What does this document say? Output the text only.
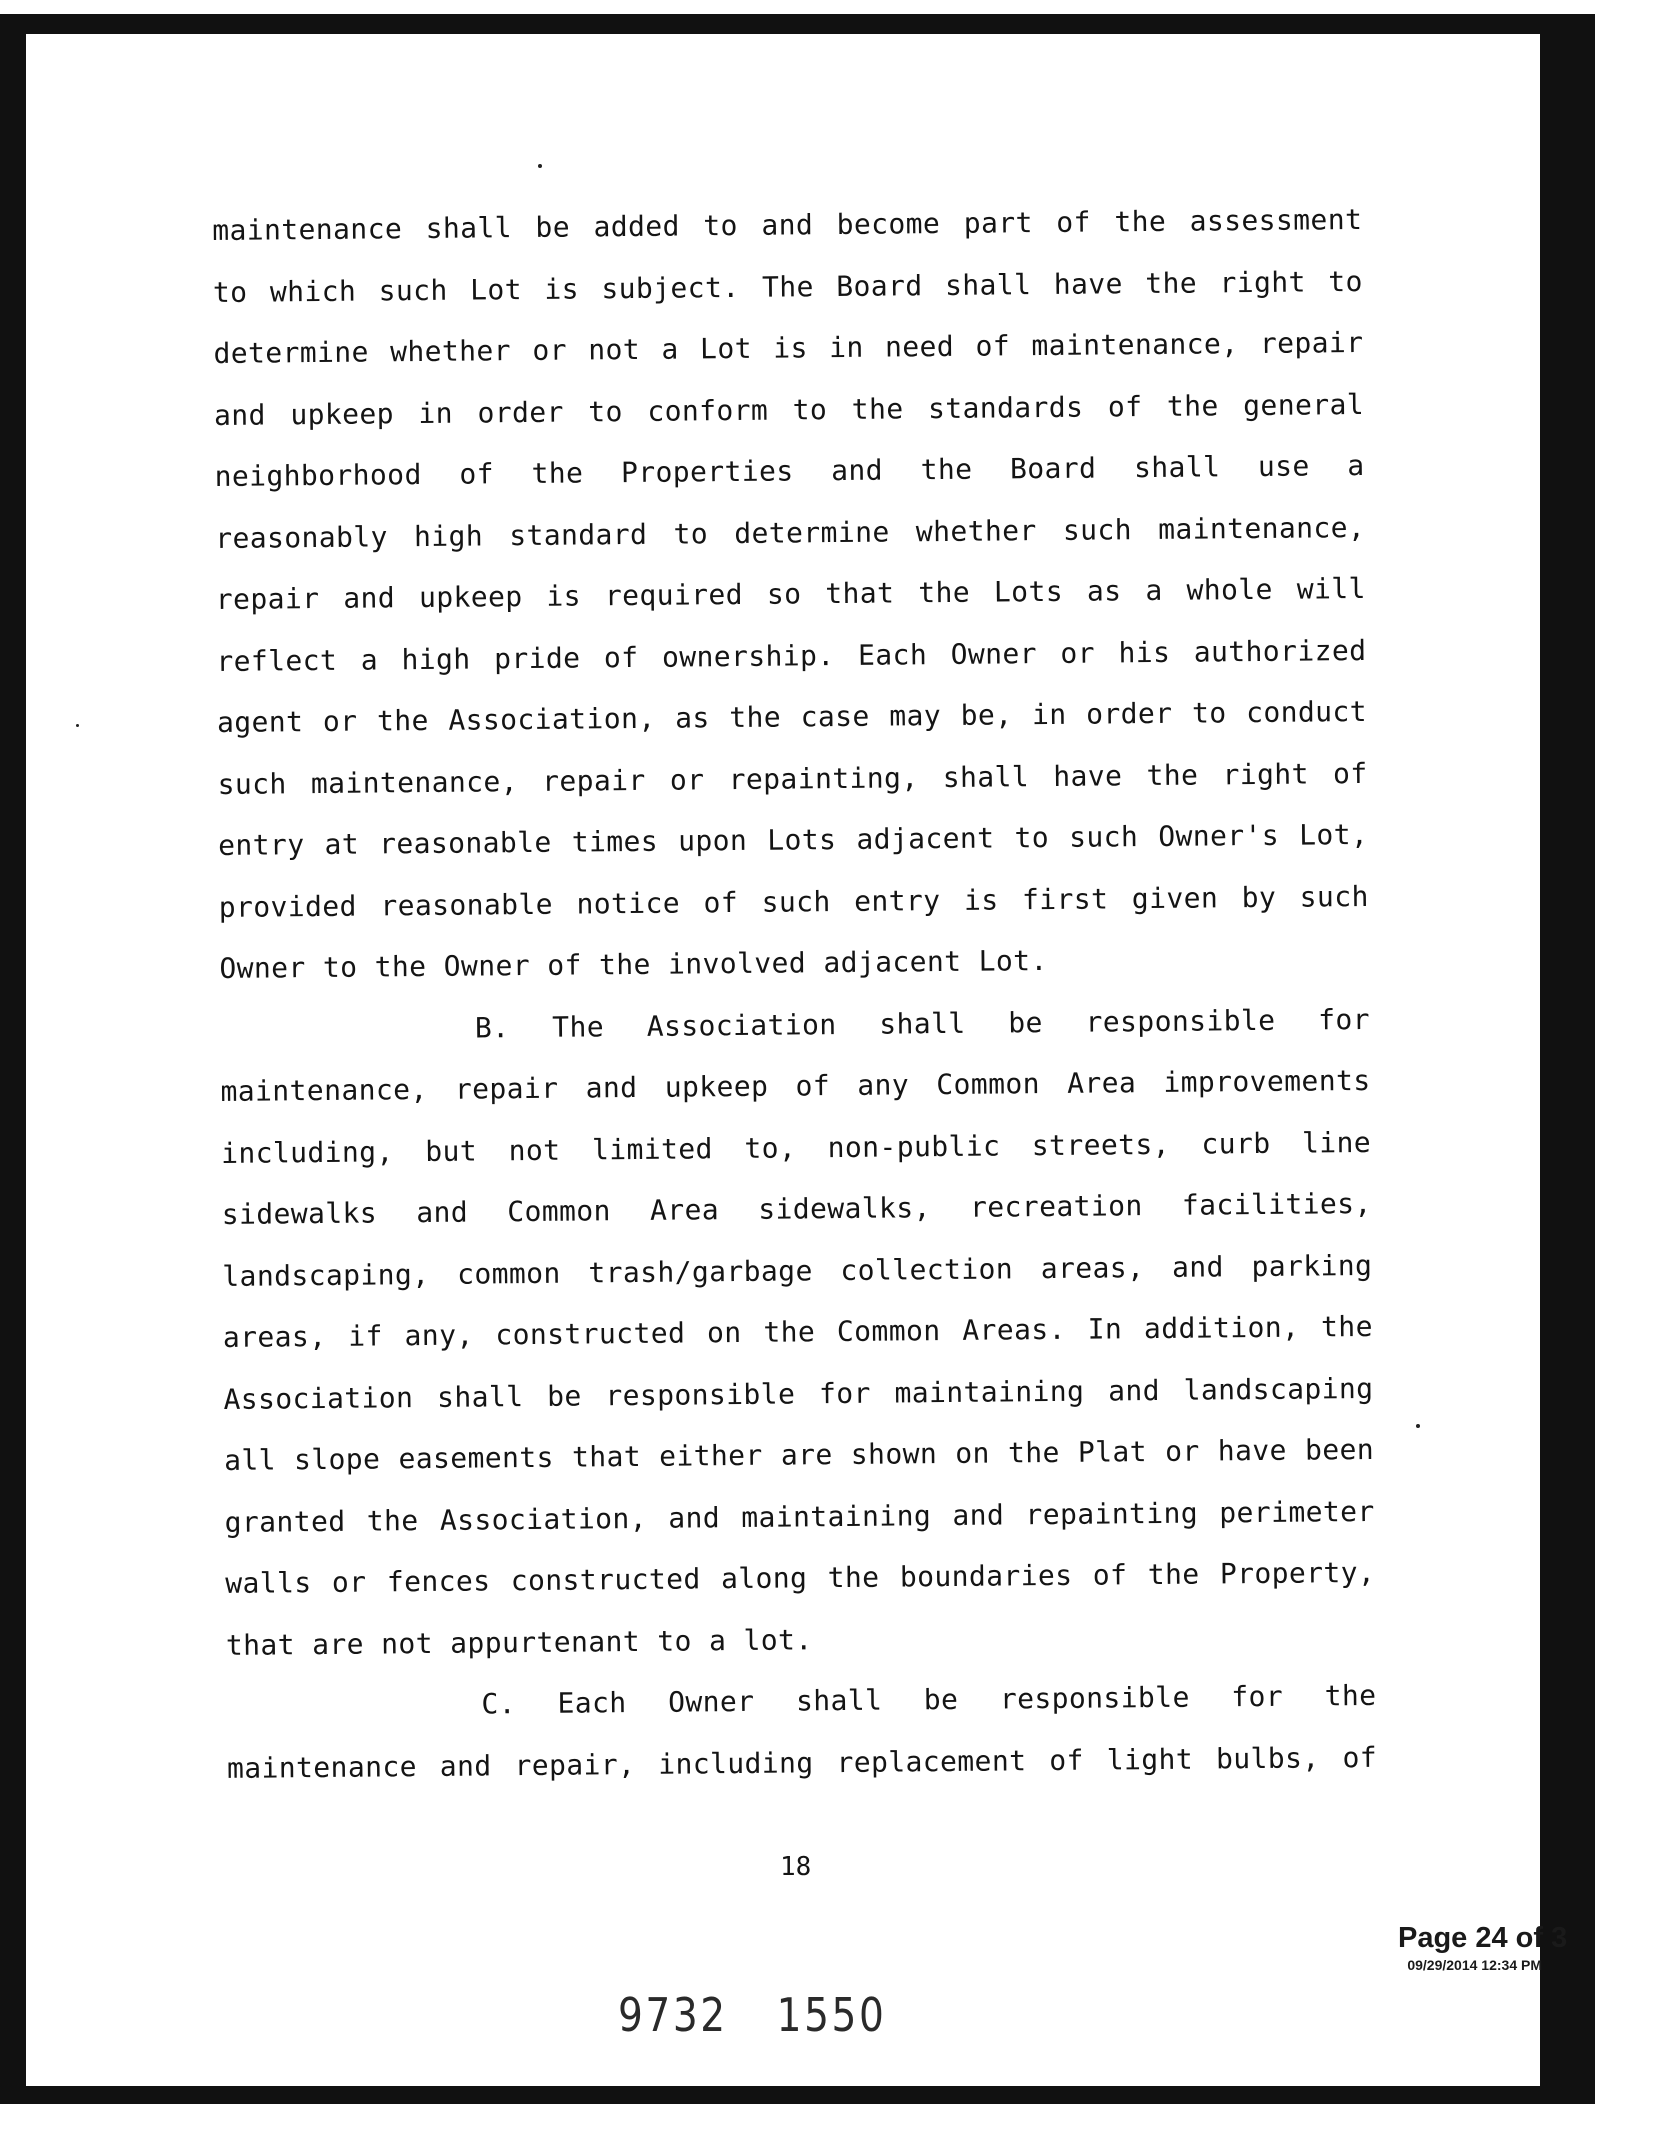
maintenance shall be added to and become part of the assessment
to which such Lot is subject. The Board shall have the right to
determine whether or not a Lot is in need of maintenance, repair
and upkeep in order to conform to the standards of the general
neighborhood of the Properties and the Board shall use a
reasonably high standard to determine whether such maintenance,
repair and upkeep is required so that the Lots as a whole will
reflect a high pride of ownership. Each Owner or his authorized
agent or the Association, as the case may be, in order to conduct
such maintenance, repair or repainting, shall have the right of
entry at reasonable times upon Lots adjacent to such Owner's Lot,
provided reasonable notice of such entry is first given by such
Owner to the Owner of the involved adjacent Lot.
B. The Association shall be responsible for
maintenance, repair and upkeep of any Common Area improvements
including, but not limited to, non-public streets, curb line
sidewalks and Common Area sidewalks, recreation facilities,
landscaping, common trash/garbage collection areas, and parking
areas, if any, constructed on the Common Areas. In addition, the
Association shall be responsible for maintaining and landscaping
all slope easements that either are shown on the Plat or have been
granted the Association, and maintaining and repainting perimeter
walls or fences constructed along the boundaries of the Property,
that are not appurtenant to a lot.
C. Each Owner shall be responsible for the
maintenance and repair, including replacement of light bulbs, of
18
Page 24 of 3
09/29/2014 12:34 PM
9732 1550
